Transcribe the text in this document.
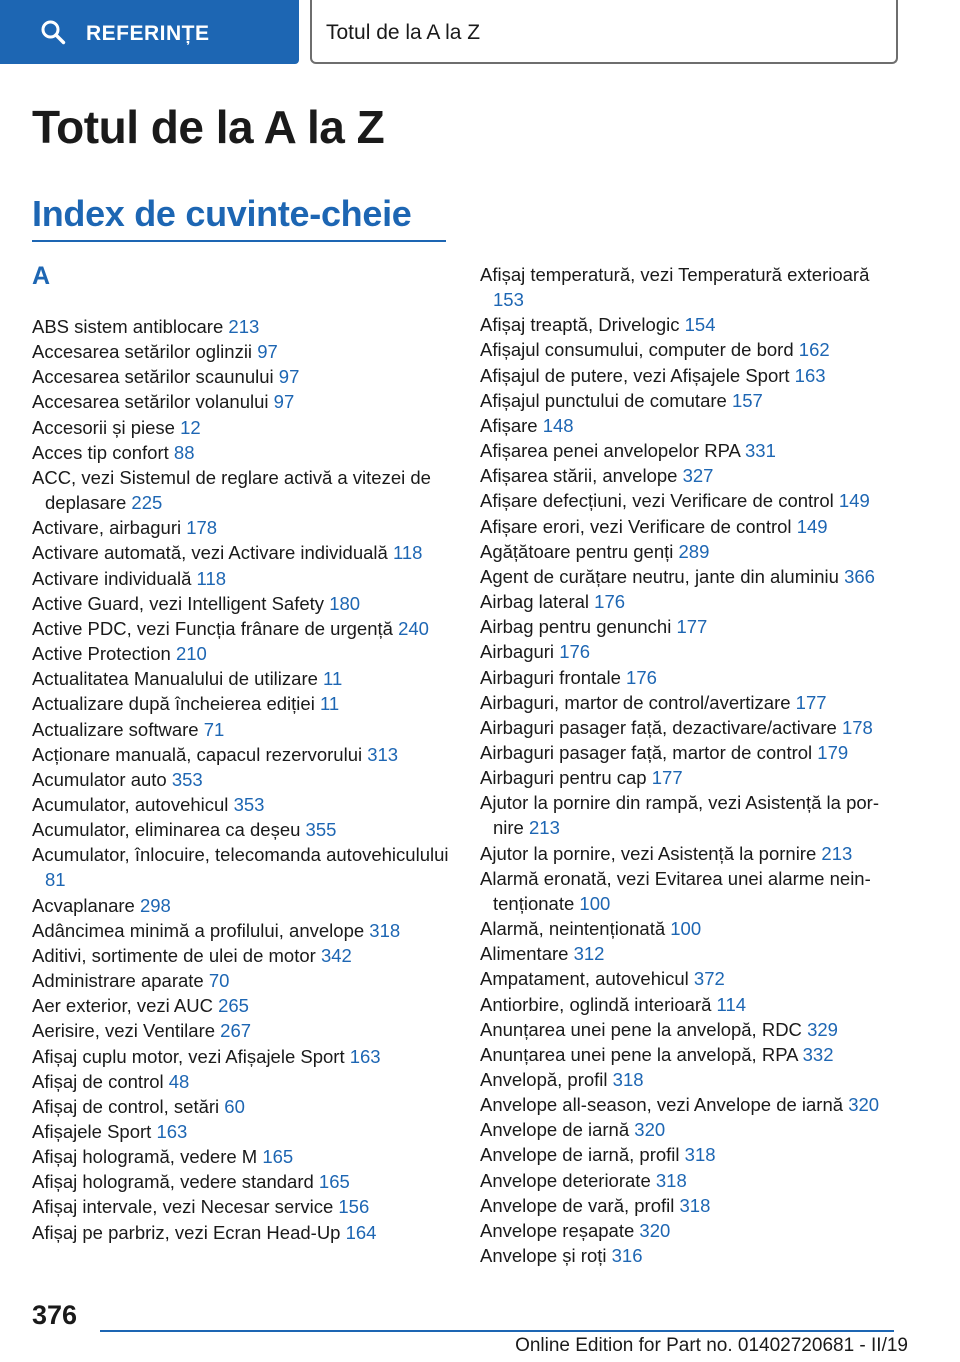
REFERINȚE	Totul de la A la Z
Totul de la A la Z
Index de cuvinte-cheie
A
ABS sistem antiblocare 213
Accesarea setărilor oglinzii 97
Accesarea setărilor scaunului 97
Accesarea setărilor volanului 97
Accesorii și piese 12
Acces tip confort 88
ACC, vezi Sistemul de reglare activă a vitezei de deplasare 225
Activare, airbaguri 178
Activare automată, vezi Activare individuală 118
Activare individuală 118
Active Guard, vezi Intelligent Safety 180
Active PDC, vezi Funcția frânare de urgență 240
Active Protection 210
Actualitatea Manualului de utilizare 11
Actualizare după încheierea ediției 11
Actualizare software 71
Acționare manuală, capacul rezervorului 313
Acumulator auto 353
Acumulator, autovehicul 353
Acumulator, eliminarea ca deșeu 355
Acumulator, înlocuire, telecomanda autovehiculului 81
Acvaplanare 298
Adâncimea minimă a profilului, anvelope 318
Aditivi, sortimente de ulei de motor 342
Administrare aparate 70
Aer exterior, vezi AUC 265
Aerisire, vezi Ventilare 267
Afișaj cuplu motor, vezi Afișajele Sport 163
Afișaj de control 48
Afișaj de control, setări 60
Afișajele Sport 163
Afișaj hologramă, vedere M 165
Afișaj hologramă, vedere standard 165
Afișaj intervale, vezi Necesar service 156
Afișaj pe parbriz, vezi Ecran Head-Up 164
Afișaj temperatură, vezi Temperatură exterioară 153
Afișaj treaptă, Drivelogic 154
Afișajul consumului, computer de bord 162
Afișajul de putere, vezi Afișajele Sport 163
Afișajul punctului de comutare 157
Afișare 148
Afișarea penei anvelopelor RPA 331
Afișarea stării, anvelope 327
Afișare defecțiuni, vezi Verificare de control 149
Afișare erori, vezi Verificare de control 149
Agățătoare pentru genți 289
Agent de curățare neutru, jante din aluminiu 366
Airbag lateral 176
Airbag pentru genunchi 177
Airbaguri 176
Airbaguri frontale 176
Airbaguri, martor de control/avertizare 177
Airbaguri pasager față, dezactivare/activare 178
Airbaguri pasager față, martor de control 179
Airbaguri pentru cap 177
Ajutor la pornire din rampă, vezi Asistență la pornire 213
Ajutor la pornire, vezi Asistență la pornire 213
Alarmă eronată, vezi Evitarea unei alarme neintenționate 100
Alarmă, neintenționată 100
Alimentare 312
Ampatament, autovehicul 372
Antiorbire, oglindă interioară 114
Anunțarea unei pene la anvelopă, RDC 329
Anunțarea unei pene la anvelopă, RPA 332
Anvelopă, profil 318
Anvelope all-season, vezi Anvelope de iarnă 320
Anvelope de iarnă 320
Anvelope de iarnă, profil 318
Anvelope deteriorate 318
Anvelope de vară, profil 318
Anvelope reșapate 320
Anvelope și roți 316
376
Online Edition for Part no. 01402720681 - II/19
